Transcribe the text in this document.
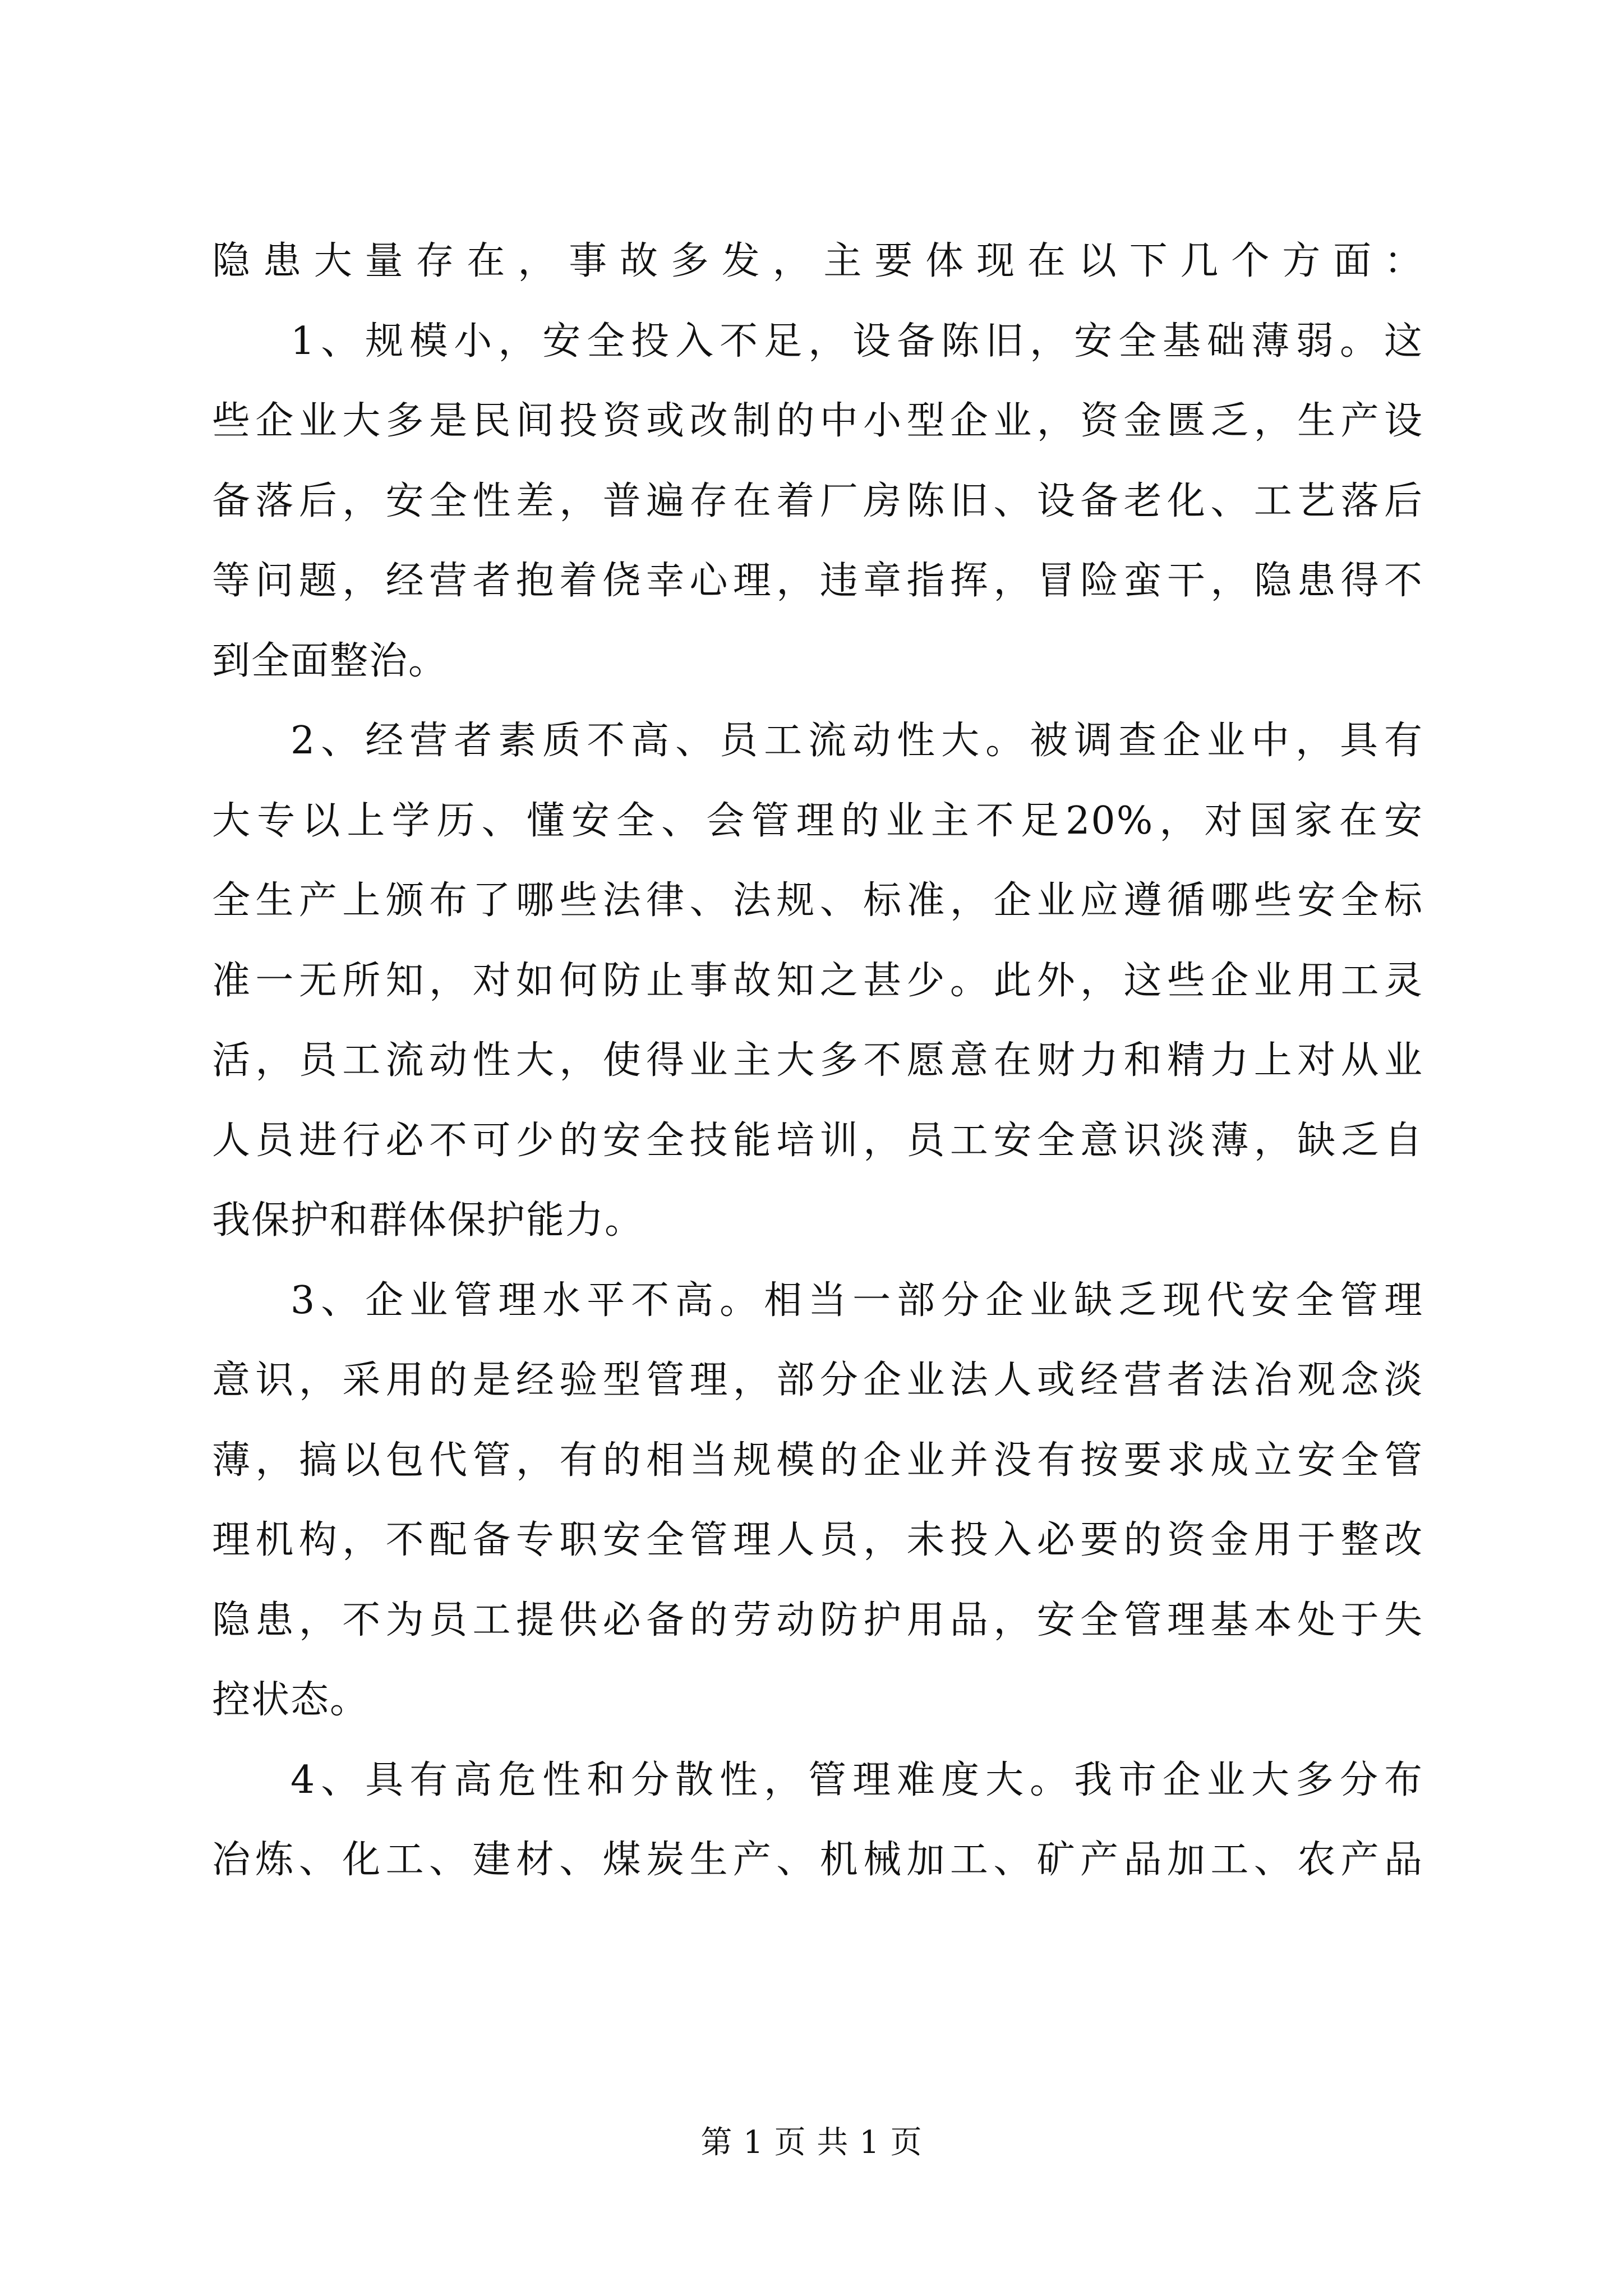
隐患大量存在，事故多发，主要体现在以下几个方面：
1、规模小，安全投入不足，设备陈旧，安全基础薄弱。这
些企业大多是民间投资或改制的中小型企业，资金匮乏，生产设
备落后，安全性差，普遍存在着厂房陈旧、设备老化、工艺落后
等问题，经营者抱着侥幸心理，违章指挥，冒险蛮干，隐患得不
到全面整治。
2、经营者素质不高、员工流动性大。被调查企业中，具有
大专以上学历、懂安全、会管理的业主不足20%，对国家在安
全生产上颁布了哪些法律、法规、标准，企业应遵循哪些安全标
准一无所知，对如何防止事故知之甚少。此外，这些企业用工灵
活，员工流动性大，使得业主大多不愿意在财力和精力上对从业
人员进行必不可少的安全技能培训，员工安全意识淡薄，缺乏自
我保护和群体保护能力。
3、企业管理水平不高。相当一部分企业缺乏现代安全管理
意识，采用的是经验型管理，部分企业法人或经营者法冶观念淡
薄，搞以包代管，有的相当规模的企业并没有按要求成立安全管
理机构，不配备专职安全管理人员，未投入必要的资金用于整改
隐患，不为员工提供必备的劳动防护用品，安全管理基本处于失
控状态。
4、具有高危性和分散性，管理难度大。我市企业大多分布
冶炼、化工、建材、煤炭生产、机械加工、矿产品加工、农产品
第 1 页 共 1 页
